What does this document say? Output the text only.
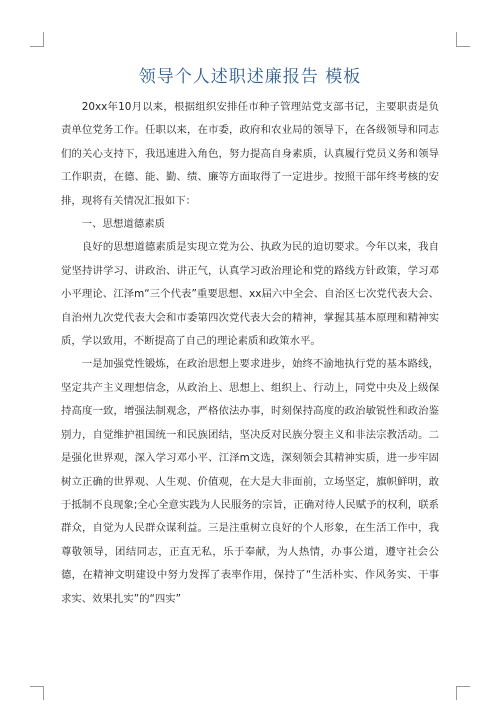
领导个人述职述廉报告 模板

20xx年10月以来，根据组织安排任市种子管理站党支部书记，主要职责是负责单位党务工作。任职以来，在市委，政府和农业局的领导下，在各级领导和同志们的关心支持下，我迅速进入角色，努力提高自身素质，认真履行党员义务和领导工作职责，在德、能、勤、绩、廉等方面取得了一定进步。按照干部年终考核的安排，现将有关情况汇报如下：

一、思想道德素质

良好的思想道德素质是实现立党为公、执政为民的迫切要求。今年以来，我自觉坚持讲学习、讲政治、讲正气，认真学习政治理论和党的路线方针政策，学习邓小平理论、江泽m“三个代表”重要思想、xx届六中全会、自治区七次党代表大会、自治州九次党代表大会和市委第四次党代表大会的精神，掌握其基本原理和精神实质，学以致用，不断提高了自己的理论素质和政策水平。

一是加强党性锻炼，在政治思想上要求进步，始终不渝地执行党的基本路线，坚定共产主义理想信念，从政治上、思想上、组织上、行动上，同党中央及上级保持高度一致，增强法制观念，严格依法办事，时刻保持高度的政治敏锐性和政治鉴别力，自觉维护祖国统一和民族团结，坚决反对民族分裂主义和非法宗教活动。二是强化世界观，深入学习邓小平、江泽m文选，深刻领会其精神实质，进一步牢固树立正确的世界观、人生观、价值观，在大是大非面前，立场坚定，旗帜鲜明，敢于抵制不良现象;全心全意实践为人民服务的宗旨，正确对待人民赋予的权利，联系群众，自觉为人民群众谋利益。三是注重树立良好的个人形象，在生活工作中，我尊敬领导，团结同志，正直无私，乐于奉献，为人热情，办事公道，遵守社会公德，在精神文明建设中努力发挥了表率作用，保持了“生活朴实、作风务实、干事求实、效果扎实”的“四实”
